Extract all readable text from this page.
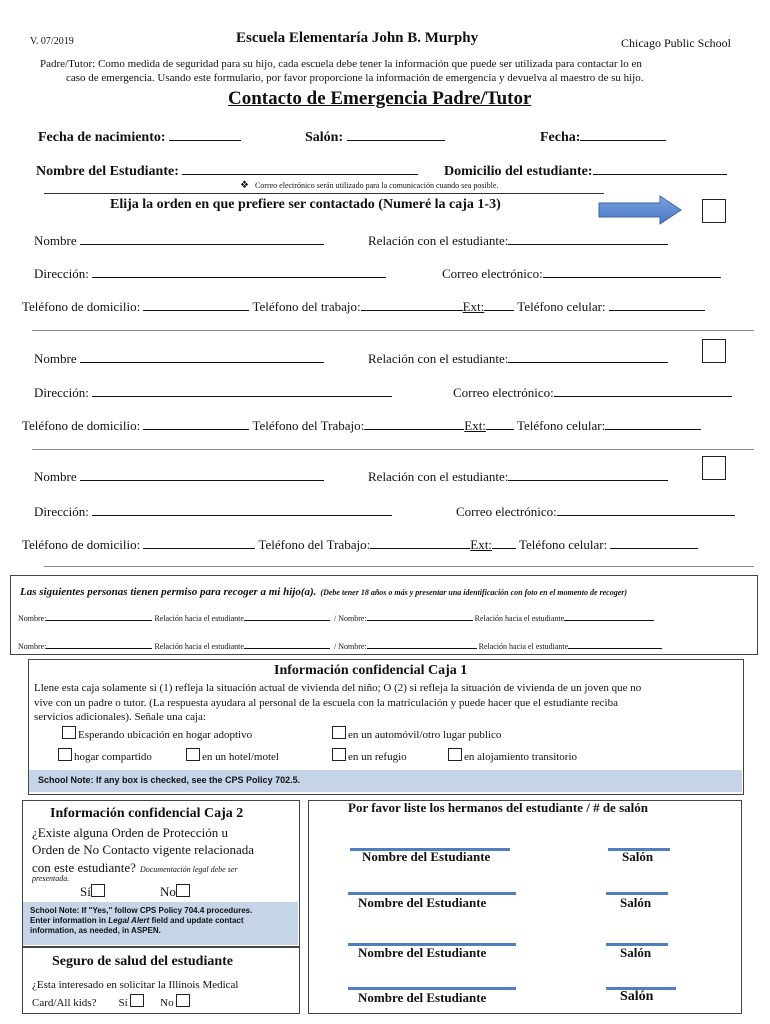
V. 07/2019	Escuela Elementaría John B. Murphy	Chicago Public School
Padre/Tutor: Como medida de seguridad para su hijo, cada escuela debe tener la información que puede ser utilizada para contactar lo en
caso de emergencia. Usando este formulario, por favor proporcione la información de emergencia y devuelva al maestro de su hijo.
Contacto de Emergencia Padre/Tutor
Fecha de nacimiento:	Salón:	Fecha:
Nombre del Estudiante:	Domicilio del estudiante:
❖ Correo electrónico serán utilizado para la comunicación cuando sea posible.
Elija la orden en que prefiere ser contactado (Numeré la caja 1-3)
Nombre	Relación con el estudiante:
Dirección:	Correo electrónico:
Teléfono de domicilio:	Teléfono del trabajo:	Ext:	Teléfono celular:
Nombre	Relación con el estudiante:
Dirección:	Correo electrónico:
Teléfono de domicilio:	Teléfono del Trabajo:	Ext: Teléfono celular:
Nombre	Relación con el estudiante:
Dirección:	Correo electrónico:
Teléfono de domicilio:	Teléfono del Trabajo:	Ext: Teléfono celular:
Las siguientes personas tienen permiso para recoger a mi hijo(a). (Debe tener 18 años o más y presentar una identificación con foto en el momento de recoger)
Nombre:	Relación hacia el estudiante	/ Nombre:	Relación hacia el estudiante
Nombre:	Relación hacia el estudiante	/ Nombre:	Relación hacia el estudiante
Información confidencial Caja 1
Llene esta caja solamente si (1) refleja la situación actual de vivienda del niño; O (2) si refleja la situación de vivienda de un joven que no
vive con un padre o tutor. (La respuesta ayudara al personal de la escuela con la matriculación y puede hacer que el estudiante reciba
servicios adicionales). Señale una caja:
Esperando ubicación en hogar adoptivo	en un automóvil/otro lugar publico
hogar compartido	en un hotel/motel	en un refugio	en alojamiento transitorio
School Note: If any box is checked, see the CPS Policy 702.5.
Información confidencial Caja 2
¿Existe alguna Orden de Protección u
Orden de No Contacto vigente relacionada
con este estudiante? Documentación legal debe ser
presentada.
Sí	No
School Note: If "Yes," follow CPS Policy 704.4 procedures.
Enter information in Legal Alert field and update contact
information, as needed, in ASPEN.
Seguro de salud del estudiante
¿Esta interesado en solicitar la Illinois Medical
Card/All kids? Sí	No
Por favor liste los hermanos del estudiante / # de salón
Nombre del Estudiante	Salón
Nombre del Estudiante	Salón
Nombre del Estudiante	Salón
Nombre del Estudiante	Salón
